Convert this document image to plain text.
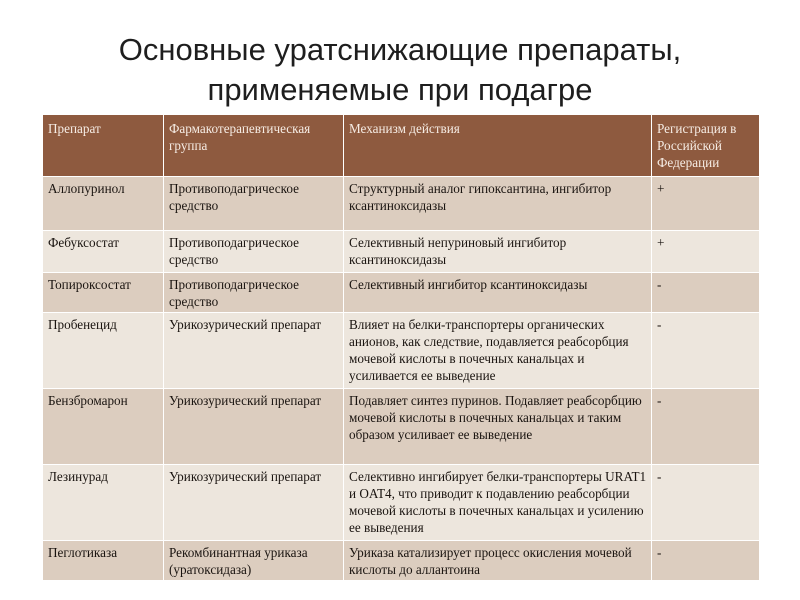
Основные уратснижающие препараты,
применяемые при подагре
Препарат	Фармакотерапевтическая группа	Механизм действия	Регистрация в Российской Федерации
Аллопуринол	Противоподагрическое средство	Структурный аналог гипоксантина, ингибитор ксантиноксидазы	+
Фебуксостат	Противоподагрическое средство	Селективный непуриновый ингибитор ксантиноксидазы	+
Топироксостат	Противоподагрическое средство	Селективный ингибитор ксантиноксидазы	-
Пробенецид	Урикозурический препарат	Влияет на белки-транспортеры органических анионов, как следствие, подавляется реабсорбция мочевой кислоты в почечных канальцах и усиливается ее выведение	-
Бензбромарон	Урикозурический препарат	Подавляет синтез пуринов. Подавляет реабсорбцию мочевой кислоты в почечных канальцах и таким образом усиливает ее выведение	-
Лезинурад	Урикозурический препарат	Селективно ингибирует белки-транспортеры URAT1 и OAT4, что приводит к подавлению реабсорбции мочевой кислоты в почечных канальцах и усилению ее выведения	-
Пеглотиказа	Рекомбинантная уриказа (уратоксидаза)	Уриказа катализирует процесс окисления мочевой кислоты до аллантоина	-
